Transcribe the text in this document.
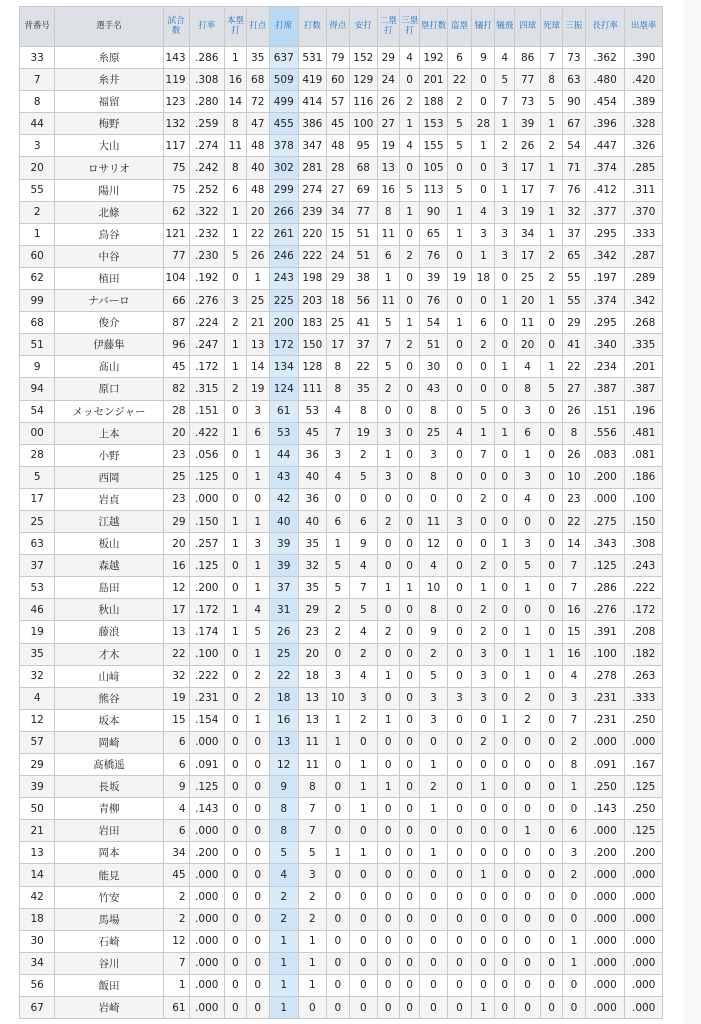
背番号	選手名	試合数	打率	本塁打	打点	打席	打数	得点	安打	二塁打	三塁打	塁打数	盗塁	犠打	犠飛	四球	死球	三振	長打率	出塁率
33	糸原	143	.286	1	35	637	531	79	152	29	4	192	6	9	4	86	7	73	.362	.390
7	糸井	119	.308	16	68	509	419	60	129	24	0	201	22	0	5	77	8	63	.480	.420
8	福留	123	.280	14	72	499	414	57	116	26	2	188	2	0	7	73	5	90	.454	.389
44	梅野	132	.259	8	47	455	386	45	100	27	1	153	5	28	1	39	1	67	.396	.328
3	大山	117	.274	11	48	378	347	48	95	19	4	155	5	1	2	26	2	54	.447	.326
20	ロサリオ	75	.242	8	40	302	281	28	68	13	0	105	0	0	3	17	1	71	.374	.285
55	陽川	75	.252	6	48	299	274	27	69	16	5	113	5	0	1	17	7	76	.412	.311
2	北條	62	.322	1	20	266	239	34	77	8	1	90	1	4	3	19	1	32	.377	.370
1	鳥谷	121	.232	1	22	261	220	15	51	11	0	65	1	3	3	34	1	37	.295	.333
60	中谷	77	.230	5	26	246	222	24	51	6	2	76	0	1	3	17	2	65	.342	.287
62	植田	104	.192	0	1	243	198	29	38	1	0	39	19	18	0	25	2	55	.197	.289
99	ナバーロ	66	.276	3	25	225	203	18	56	11	0	76	0	0	1	20	1	55	.374	.342
68	俊介	87	.224	2	21	200	183	25	41	5	1	54	1	6	0	11	0	29	.295	.268
51	伊藤隼	96	.247	1	13	172	150	17	37	7	2	51	0	2	0	20	0	41	.340	.335
9	髙山	45	.172	1	14	134	128	8	22	5	0	30	0	0	1	4	1	22	.234	.201
94	原口	82	.315	2	19	124	111	8	35	2	0	43	0	0	0	8	5	27	.387	.387
54	メッセンジャー	28	.151	0	3	61	53	4	8	0	0	8	0	5	0	3	0	26	.151	.196
00	上本	20	.422	1	6	53	45	7	19	3	0	25	4	1	1	6	0	8	.556	.481
28	小野	23	.056	0	1	44	36	3	2	1	0	3	0	7	0	1	0	26	.083	.081
5	西岡	25	.125	0	1	43	40	4	5	3	0	8	0	0	0	3	0	10	.200	.186
17	岩貞	23	.000	0	0	42	36	0	0	0	0	0	0	2	0	4	0	23	.000	.100
25	江越	29	.150	1	1	40	40	6	6	2	0	11	3	0	0	0	0	22	.275	.150
63	板山	20	.257	1	3	39	35	1	9	0	0	12	0	0	1	3	0	14	.343	.308
37	森越	16	.125	0	1	39	32	5	4	0	0	4	0	2	0	5	0	7	.125	.243
53	島田	12	.200	0	1	37	35	5	7	1	1	10	0	1	0	1	0	7	.286	.222
46	秋山	17	.172	1	4	31	29	2	5	0	0	8	0	2	0	0	0	16	.276	.172
19	藤浪	13	.174	1	5	26	23	2	4	2	0	9	0	2	0	1	0	15	.391	.208
35	才木	22	.100	0	1	25	20	0	2	0	0	2	0	3	0	1	1	16	.100	.182
32	山﨑	32	.222	0	2	22	18	3	4	1	0	5	0	3	0	1	0	4	.278	.263
4	熊谷	19	.231	0	2	18	13	10	3	0	0	3	3	3	0	2	0	3	.231	.333
12	坂本	15	.154	0	1	16	13	1	2	1	0	3	0	0	1	2	0	7	.231	.250
57	岡崎	6	.000	0	0	13	11	1	0	0	0	0	0	2	0	0	0	2	.000	.000
29	髙橋遥	6	.091	0	0	12	11	0	1	0	0	1	0	0	0	0	0	8	.091	.167
39	長坂	9	.125	0	0	9	8	0	1	1	0	2	0	1	0	0	0	1	.250	.125
50	青柳	4	.143	0	0	8	7	0	1	0	0	1	0	0	0	0	0	0	.143	.250
21	岩田	6	.000	0	0	8	7	0	0	0	0	0	0	0	0	1	0	6	.000	.125
13	岡本	34	.200	0	0	5	5	1	1	0	0	1	0	0	0	0	0	3	.200	.200
14	能見	45	.000	0	0	4	3	0	0	0	0	0	0	1	0	0	0	2	.000	.000
42	竹安	2	.000	0	0	2	2	0	0	0	0	0	0	0	0	0	0	0	.000	.000
18	馬場	2	.000	0	0	2	2	0	0	0	0	0	0	0	0	0	0	0	.000	.000
30	石崎	12	.000	0	0	1	1	0	0	0	0	0	0	0	0	0	0	1	.000	.000
34	谷川	7	.000	0	0	1	1	0	0	0	0	0	0	0	0	0	0	1	.000	.000
56	飯田	1	.000	0	0	1	1	0	0	0	0	0	0	0	0	0	0	0	.000	.000
67	岩崎	61	.000	0	0	1	0	0	0	0	0	0	0	1	0	0	0	0	.000	.000
